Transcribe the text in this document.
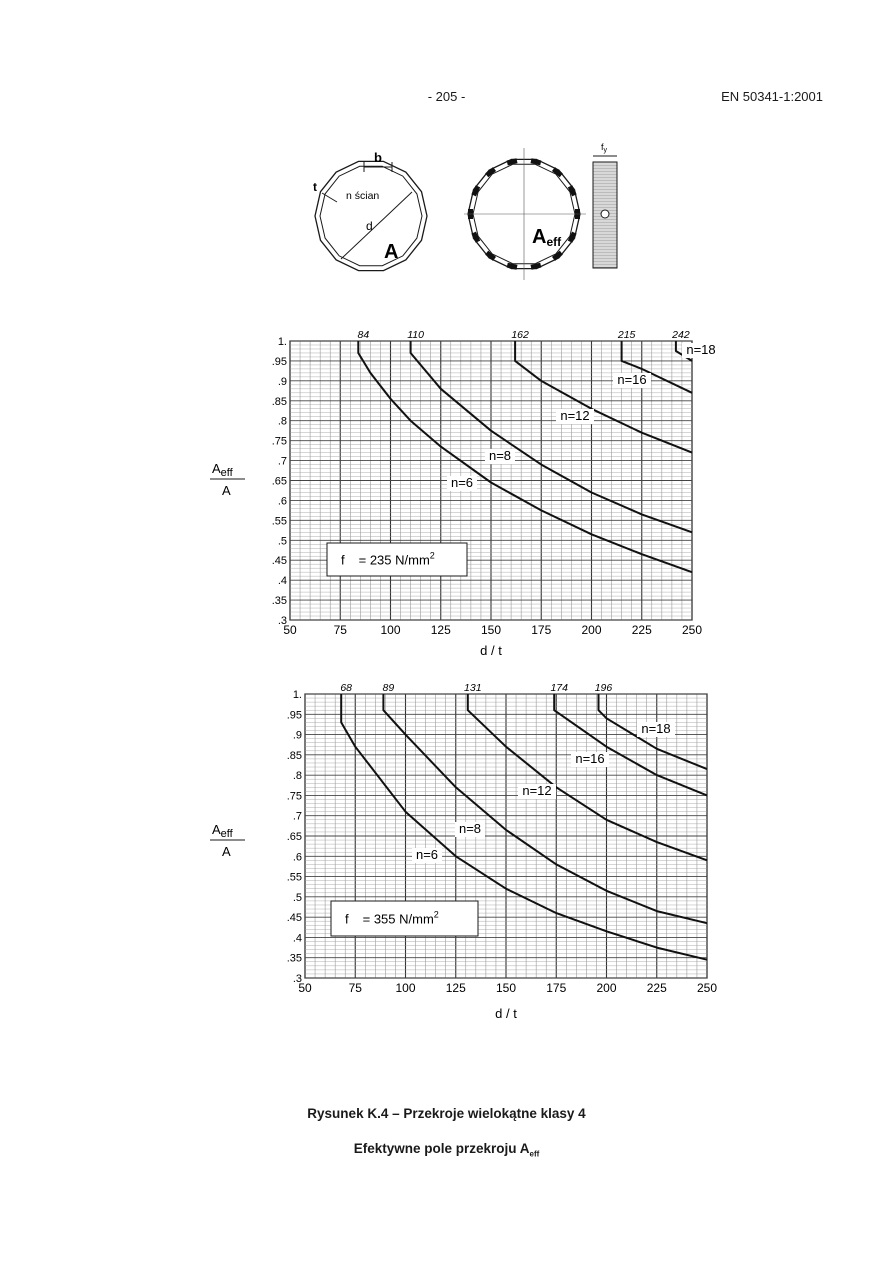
- 205 -	EN 50341-1:2001
b
t
n ścian
d
A
Aeff
$f_y$
84
n=6
110
n=8
162
n=12
215
n=16
242
n=18
50	75	100	125	150	175	200	225	250
.3
.35
.4
.45
.5
.55
.6
.65
.7
.75
.8
.85
.9
.95
1.
$A_{eff}$
A
d / t
f = 235 $N/mm^2$
68
n=6
89
n=8
131
n=12
174
n=16
196
n=18
50	75	100	125	150	175	200	225	250
.3
.35
.4
.45
.5
.55
.6
.65
.7
.75
.8
.85
.9
.95
1.
$A_{eff}$
A
d / t
f = 355 $N/mm^2$
Rysunek K.4 – Przekroje wielokątne klasy 4
Efektywne pole przekroju $A_{eff}$
